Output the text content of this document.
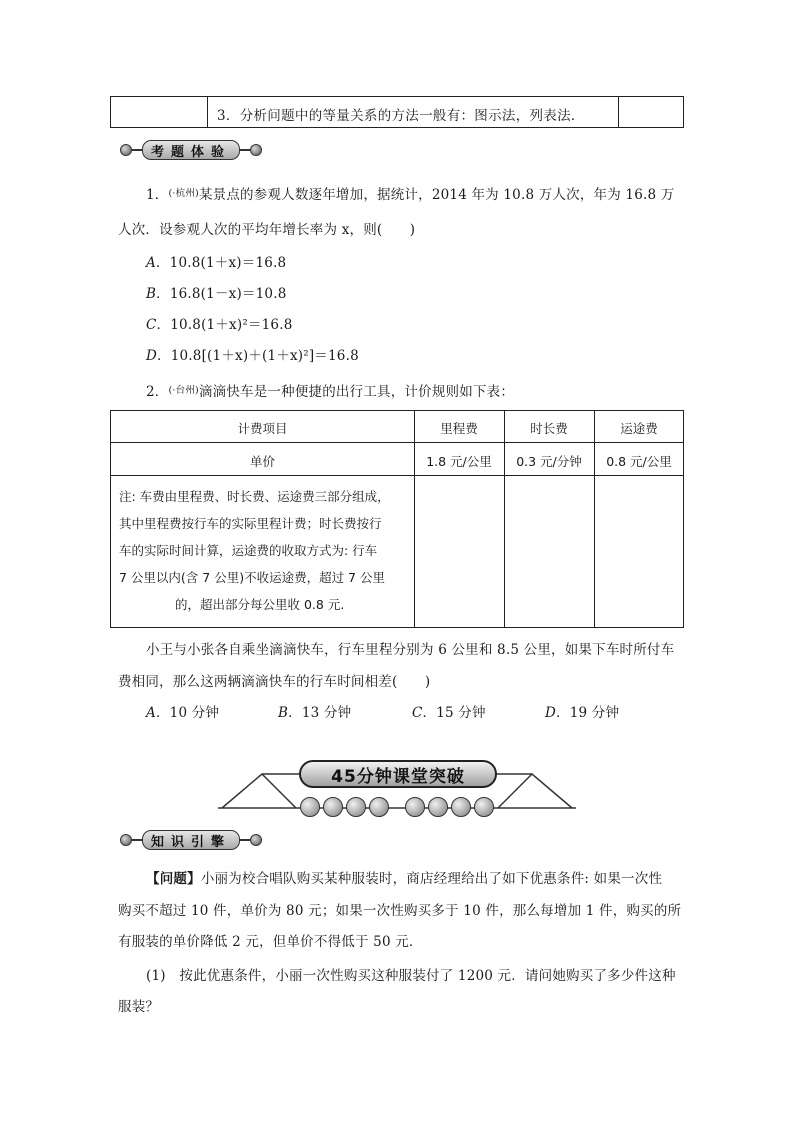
3．分析问题中的等量关系的方法一般有：图示法，列表法．
考题体验
1．$^{(\cdot 杭州)}$某景点的参观人数逐年增加，据统计，2014 年为 10.8 万人次，年为 16.8 万
人次．设参观人次的平均年增长率为 x，则(　　)
A．10.8(1＋x)＝16.8
B．16.8(1－x)＝10.8
C．10.8(1＋x)²＝16.8
D．10.8[(1＋x)＋(1＋x)²]＝16.8
2．$^{(\cdot 台州)}$滴滴快车是一种便捷的出行工具，计价规则如下表：
计费项目	里程费	时长费	运途费
单价	1.8 元/公里	0.3 元/分钟	0.8 元/公里
注: 车费由里程费、时长费、运途费三部分组成，
其中里程费按行车的实际里程计费；时长费按行
车的实际时间计算，运途费的收取方式为: 行车
7 公里以内(含 7 公里)不收运途费，超过 7 公里
的，超出部分每公里收 0.8 元.
小王与小张各自乘坐滴滴快车，行车里程分别为 6 公里和 8.5 公里，如果下车时所付车
费相同，那么这两辆滴滴快车的行车时间相差(　　)
A．10 分钟	B．13 分钟	C．15 分钟	D．19 分钟
45分钟课堂突破
知识引擎
【问题】小丽为校合唱队购买某种服装时，商店经理给出了如下优惠条件: 如果一次性
购买不超过 10 件，单价为 80 元；如果一次性购买多于 10 件，那么每增加 1 件，购买的所
有服装的单价降低 2 元，但单价不得低于 50 元．
(1)　按此优惠条件，小丽一次性购买这种服装付了 1200 元．请问她购买了多少件这种
服装？
